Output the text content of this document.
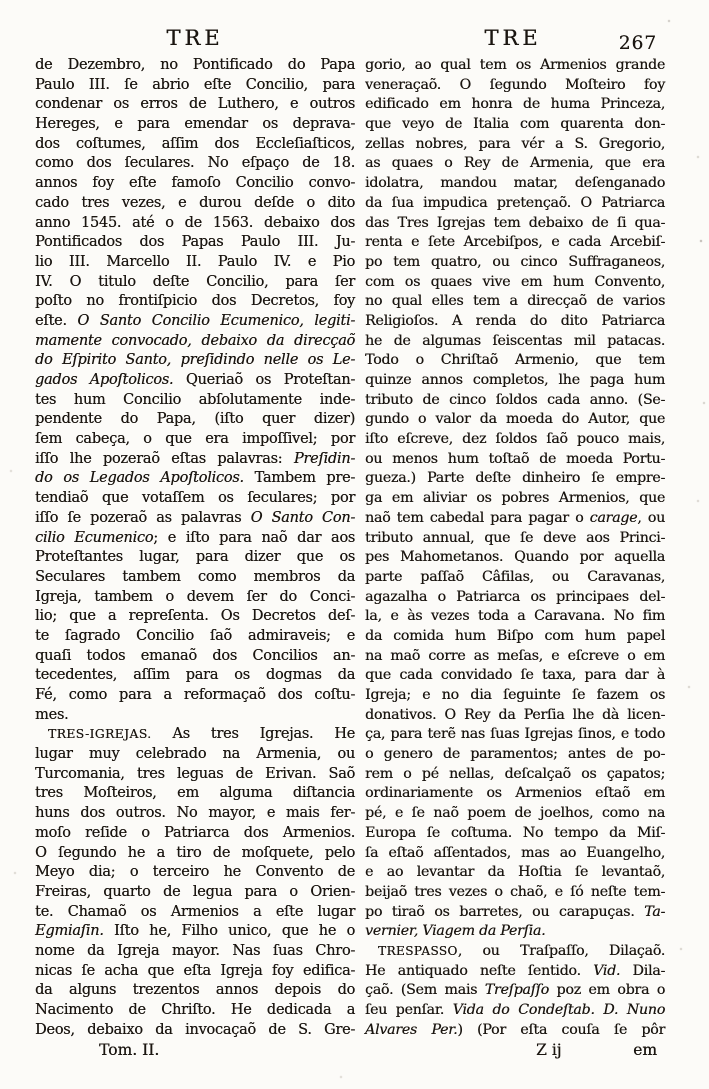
TRE	TRE	267
de Dezembro, no Pontificado do Papa
Paulo III. ſe abrio eſte Concilio, para
condenar os erros de Luthero, e outros
Hereges, e para emendar os deprava-
dos coſtumes, aſſim dos Eccleſiaſticos,
como dos ſeculares. No eſpaço de 18.
annos foy eſte famoſo Concilio convo-
cado tres vezes, e durou deſde o dito
anno 1545. até o de 1563. debaixo dos
Pontificados dos Papas Paulo III. Ju-
lio III. Marcello II. Paulo IV. e Pio
IV. O titulo deſte Concilio, para ſer
poſto no frontiſpicio dos Decretos, foy
eſte. O Santo Concilio Ecumenico, legiti-
mamente convocado, debaixo da direcçaõ
do Eſpirito Santo, preſidindo nelle os Le-
gados Apoſtolicos. Queriaõ os Proteſtan-
tes hum Concilio abſolutamente inde-
pendente do Papa, (iſto quer dizer)
ſem cabeça, o que era impoſſivel; por
iſſo lhe pozeraõ eſtas palavras: Preſidin-
do os Legados Apoſtolicos. Tambem pre-
tendiaõ que votaſſem os ſeculares; por
iſſo ſe pozeraõ as palavras O Santo Con-
cilio Ecumenico; e iſto para naõ dar aos
Proteſtantes lugar, para dizer que os
Seculares tambem como membros da
Igreja, tambem o devem ſer do Conci-
lio; que a repreſenta. Os Decretos deſ-
te ſagrado Concilio ſaõ admiraveis; e
quaſi todos emanaõ dos Concilios an-
tecedentes, aſſim para os dogmas da
Fé, como para a reformaçaõ dos coſtu-
mes.
TRES-IGREJAS. As tres Igrejas. He
lugar muy celebrado na Armenia, ou
Turcomania, tres leguas de Erivan. Saõ
tres Moſteiros, em alguma diſtancia
huns dos outros. No mayor, e mais fer-
moſo reſide o Patriarca dos Armenios.
O ſegundo he a tiro de moſquete, pelo
Meyo dia; o terceiro he Convento de
Freiras, quarto de legua para o Orien-
te. Chamaõ os Armenios a eſte lugar
Egmiaſin. Iſto he, Filho unico, que he o
nome da Igreja mayor. Nas ſuas Chro-
nicas ſe acha que eſta Igreja foy edifica-
da alguns trezentos annos depois do
Nacimento de Chriſto. He dedicada a
Deos, debaixo da invocaçaõ de S. Gre-
gorio, ao qual tem os Armenios grande
veneraçaõ. O ſegundo Moſteiro foy
edificado em honra de huma Princeza,
que veyo de Italia com quarenta don-
zellas nobres, para vér a S. Gregorio,
as quaes o Rey de Armenia, que era
idolatra, mandou matar, deſenganado
da ſua impudica pretençaõ. O Patriarca
das Tres Igrejas tem debaixo de ſi qua-
renta e ſete Arcebiſpos, e cada Arcebiſ-
po tem quatro, ou cinco Suffraganeos,
com os quaes vive em hum Convento,
no qual elles tem a direcçaõ de varios
Religioſos. A renda do dito Patriarca
he de algumas ſeiscentas mil patacas.
Todo o Chriſtaõ Armenio, que tem
quinze annos completos, lhe paga hum
tributo de cinco ſoldos cada anno. (Se-
gundo o valor da moeda do Autor, que
iſto eſcreve, dez ſoldos ſaõ pouco mais,
ou menos hum toſtaõ de moeda Portu-
gueza.) Parte deſte dinheiro ſe empre-
ga em aliviar os pobres Armenios, que
naõ tem cabedal para pagar o carage, ou
tributo annual, que ſe deve aos Princi-
pes Mahometanos. Quando por aquella
parte paſſaõ Câfilas, ou Caravanas,
agazalha o Patriarca os principaes del-
la, e às vezes toda a Caravana. No fim
da comida hum Biſpo com hum papel
na maõ corre as meſas, e eſcreve o em
que cada convidado ſe taxa, para dar à
Igreja; e no dia ſeguinte ſe fazem os
donativos. O Rey da Perſia lhe dà licen-
ça, para terẽ nas ſuas Igrejas ſinos, e todo
o genero de paramentos; antes de po-
rem o pé nellas, deſcalçaõ os çapatos;
ordinariamente os Armenios eſtaõ em
pé, e ſe naõ poem de joelhos, como na
Europa ſe coſtuma. No tempo da Miſ-
ſa eſtaõ aſſentados, mas ao Euangelho,
e ao levantar da Hoſtia ſe levantaõ,
beijaõ tres vezes o chaõ, e ſó neſte tem-
po tiraõ os barretes, ou carapuças. Ta-
vernier, Viagem da Perſia.
TRESPASSO, ou Traſpaſſo, Dilaçaõ.
He antiquado neſte ſentido. Vid. Dila-
çaõ. (Sem mais Treſpaſſo poz em obra o
ſeu penſar. Vida do Condeſtab. D. Nuno
Alvares Per.) (Por eſta couſa ſe pôr
Tom. II.	Z ij	em
